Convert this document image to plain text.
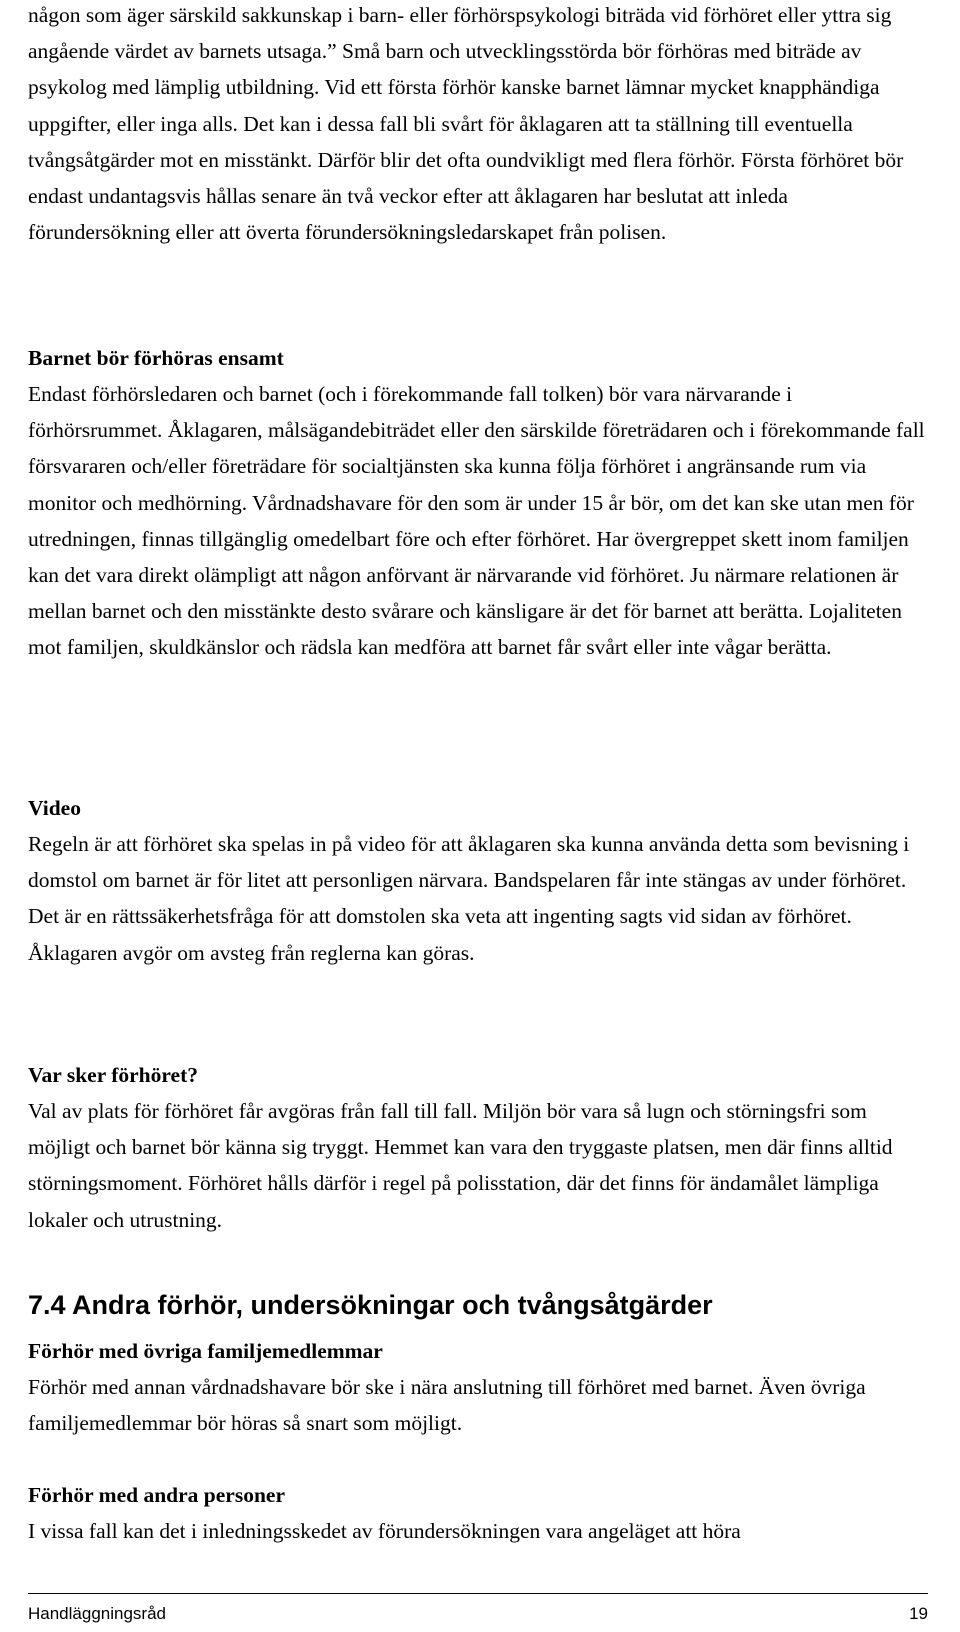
någon som äger särskild sakkunskap i barn- eller förhörspsykologi biträda vid förhöret eller yttra sig angående värdet av barnets utsaga.” Små barn och utvecklingsstörda bör förhöras med biträde av psykolog med lämplig utbildning. Vid ett första förhör kanske barnet lämnar mycket knapphändiga uppgifter, eller inga alls. Det kan i dessa fall bli svårt för åklagaren att ta ställning till eventuella tvångsåtgärder mot en misstänkt. Därför blir det ofta oundvikligt med flera förhör. Första förhöret bör endast undantagsvis hållas senare än två veckor efter att åklagaren har beslutat att inleda förundersökning eller att överta förundersökningsledarskapet från polisen.

Barnet bör förhöras ensamt

Endast förhörsledaren och barnet (och i förekommande fall tolken) bör vara närvarande i förhörsrummet. Åklagaren, målsägandebiträdet eller den särskilde företrädaren och i förekommande fall försvararen och/eller företrädare för socialtjänsten ska kunna följa förhöret i angränsande rum via monitor och medhörning. Vårdnadshavare för den som är under 15 år bör, om det kan ske utan men för utredningen, finnas tillgänglig omedelbart före och efter förhöret. Har övergreppet skett inom familjen kan det vara direkt olämpligt att någon anförvant är närvarande vid förhöret. Ju närmare relationen är mellan barnet och den misstänkte desto svårare och känsligare är det för barnet att berätta. Lojaliteten mot familjen, skuldkänslor och rädsla kan medföra att barnet får svårt eller inte vågar berätta.

Video

Regeln är att förhöret ska spelas in på video för att åklagaren ska kunna använda detta som bevisning i domstol om barnet är för litet att personligen närvara. Bandspelaren får inte stängas av under förhöret. Det är en rättssäkerhetsfråga för att domstolen ska veta att ingenting sagts vid sidan av förhöret. Åklagaren avgör om avsteg från reglerna kan göras.

Var sker förhöret?

Val av plats för förhöret får avgöras från fall till fall. Miljön bör vara så lugn och störningsfri som möjligt och barnet bör känna sig tryggt. Hemmet kan vara den tryggaste platsen, men där finns alltid störningsmoment. Förhöret hålls därför i regel på polisstation, där det finns för ändamålet lämpliga lokaler och utrustning.

7.4 Andra förhör, undersökningar och tvångsåtgärder

Förhör med övriga familjemedlemmar

Förhör med annan vårdnadshavare bör ske i nära anslutning till förhöret med barnet. Även övriga familjemedlemmar bör höras så snart som möjligt.

Förhör med andra personer

I vissa fall kan det i inledningsskedet av förundersökningen vara angeläget att höra

Handläggningsråd	19
